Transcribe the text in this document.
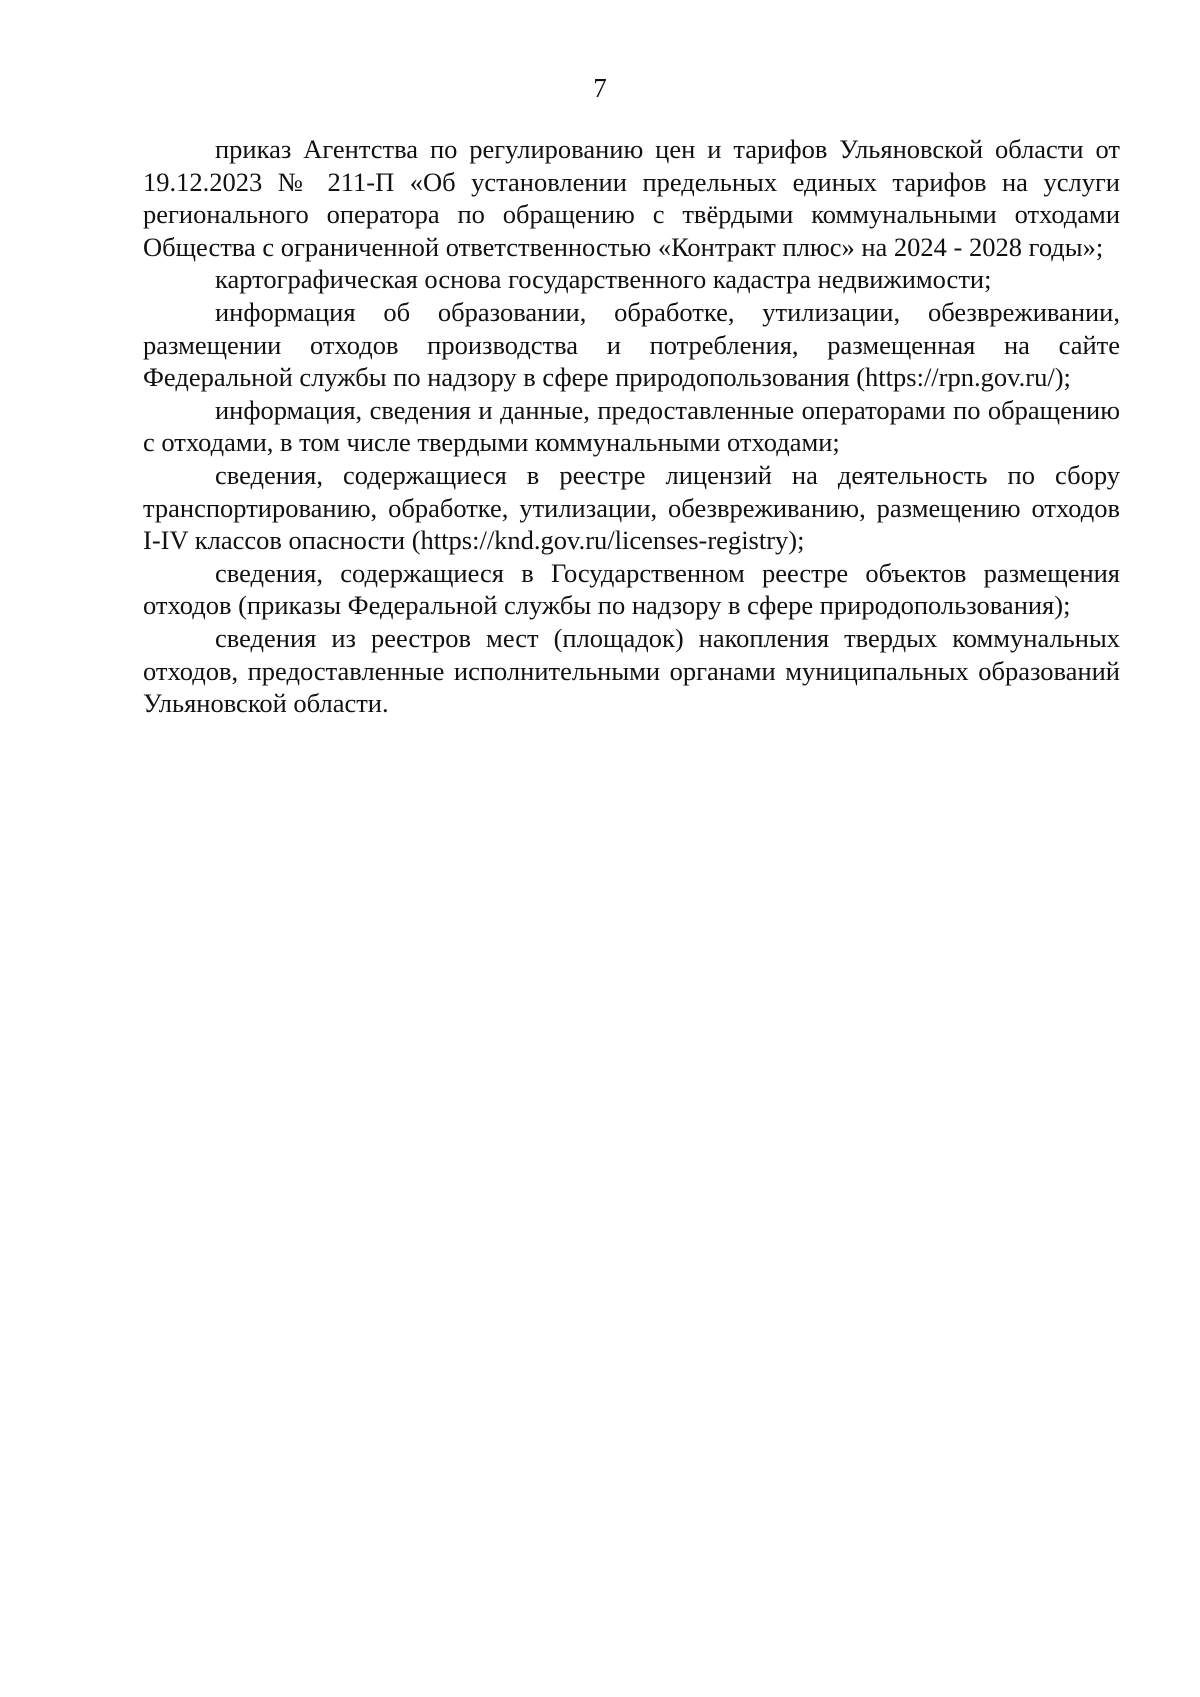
7

приказ Агентства по регулированию цен и тарифов Ульяновской области от 19.12.2023 № 211-П «Об установлении предельных единых тарифов на услуги регионального оператора по обращению с твёрдыми коммунальными отходами Общества с ограниченной ответственностью «Контракт плюс» на 2024 - 2028 годы»;

картографическая основа государственного кадастра недвижимости;

информация об образовании, обработке, утилизации, обезвреживании, размещении отходов производства и потребления, размещенная на сайте Федеральной службы по надзору в сфере природопользования (https://rpn.gov.ru/);

информация, сведения и данные, предоставленные операторами по обращению с отходами, в том числе твердыми коммунальными отходами;

сведения, содержащиеся в реестре лицензий на деятельность по сбору транспортированию, обработке, утилизации, обезвреживанию, размещению отходов I-IV классов опасности (https://knd.gov.ru/licenses-registry);

сведения, содержащиеся в Государственном реестре объектов размещения отходов (приказы Федеральной службы по надзору в сфере природопользования);

сведения из реестров мест (площадок) накопления твердых коммунальных отходов, предоставленные исполнительными органами муниципальных образований Ульяновской области.
